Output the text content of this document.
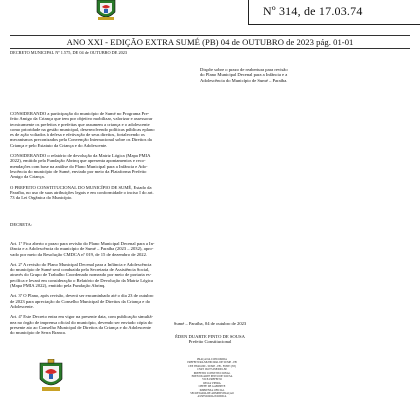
Nº 314, de 17.03.74
ANO XXI - EDIÇÃO EXTRA SUMÉ (PB) 04 de OUTUBRO de 2023 pág. 01-01
DECRETO MUNICIPAL Nº 1.575, DE 04 de OUTUBRO DE 2023
Dispõe sobre o prazo de reabertura para revisão
do Plano Municipal Decenal para a Infância e a
Adolescência do Município de Sumé – Paraíba.
CONSIDERANDO a participação do município de Sumé no Programa Pre-
feito Amigo da Criança que tem por objetivo mobilizar, valorizar e assessorar
tecnicamente os prefeitos e prefeitas que assumem a criança e o adolescente
como prioridade na gestão municipal, desenvolvendo políticas públicas eplano
es de ação voltados à defesa e efetivação de seus direitos, fortalecendo os
mecanismos preconizados pela Convenção Internacional sobre os Direitos da
Criança e pelo Estatuto da Criança e do Adolescente.
CONSIDERANDO o relatório de devolução da Matriz Lógica (Mapa PMIA
2022), emitido pela Fundação Abrinq que apresenta apontamentos e reco-
mendações com base na análise do Plano Municipal para a Infância e Ado-
lescência do município de Sumé, enviado por meio da Plataforma Prefeito
Amigo da Criança.
O PREFEITO CONSTITUCIONAL DO MUNICÍPIO DE SUMÉ, Estado da
Paraíba, no uso de suas atribuições legais e em conformidade o inciso I do art.
73 da Lei Orgânica do Município.
DECRETA:
Art. 1º Fica aberto o prazo para revisão do Plano Municipal Decenal para a In-
fância e a Adolescência do município de Sumé – Paraíba (2023 – 2032), apro-
vado por meio da Resolução CMDCA nº 019, de 15 de dezembro de 2022.
Art. 2º A revisão do Plano Municipal Decenal para a Infância e Adolescência
do município de Sumé será conduzida pela Secretaria de Assistência Social,
através do Grupo de Trabalho Coordenado nomeado por meio de portaria es-
pecífica e levará em consideração o Relatório de Devolução da Matriz Lógica
(Mapa PMIA 2022), emitido pela Fundação Abrinq.
Art. 3º O Plano, após revisão, deverá ser encaminhado até o dia 23 de outubro
de 2023 para apreciação do Conselho Municipal de Direitos da Criança e do
Adolescente.
Art. 4º Este Decreto entra em vigor na presente data, com publicação simultâ-
nea no órgão de imprensa oficial do município, devendo ser enviado cópia do
presente ato ao Conselho Municipal de Direitos da Criança e do Adolescente
do município de Serra Branca.
Sumé – Paraíba, 04 de outubro de 2023
ÉDEN DUARTE PINTO DE SOUSA
Prefeito Constitucional
PRAÇA DA CONCÓRDIA
PREFEITURA MUNICIPAL DE SUMÉ - PB
CEP 58540-000 - SUMÉ - PB - FONE: (83)
CNPJ: 09.073.958/0001-80
PREFEITO CONSTITUCIONAL
ÉDEN DUARTE PINTO DE SOUSA
VICE-PREFEITO
RELIA VIEIRA
CHEFE DE GABINETE
IMPRENSA OFICIAL
SECRETARIA DE ADMINISTRAÇÃO
ASSESSORIA JURÍDICA
